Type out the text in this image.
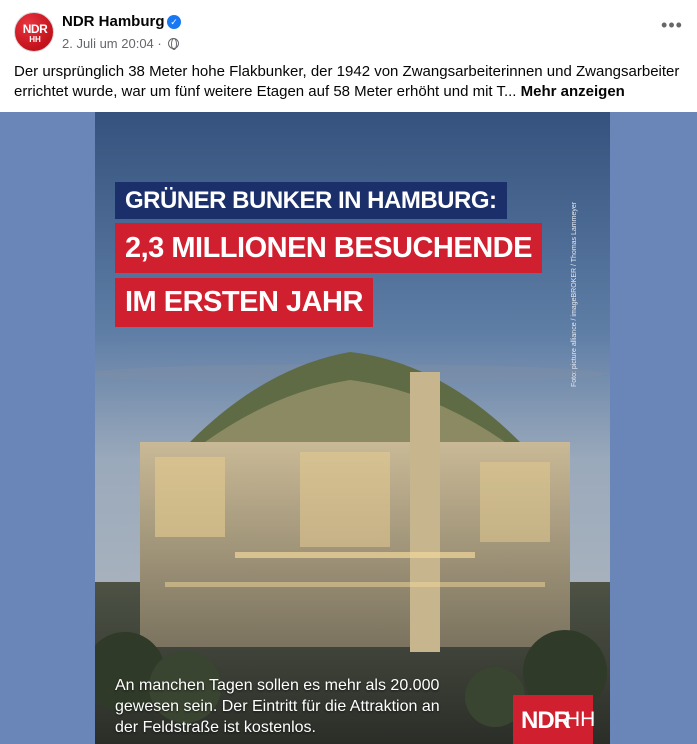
NDR
HH
NDR Hamburg ✓
2. Juli um 20:04 ·
•••
Der ursprünglich 38 Meter hohe Flakbunker, der 1942 von Zwangsarbeiterinnen und Zwangsarbeiter errichtet wurde, war um fünf weitere Etagen auf 58 Meter erhöht und mit T... Mehr anzeigen
GRÜNER BUNKER IN HAMBURG:
2,3 MILLIONEN BESUCHENDE
IM ERSTEN JAHR	Foto: picture alliance / imageBROKER / Thomas Lammeyer
An manchen Tagen sollen es mehr als 20.000 gewesen sein. Der Eintritt für die Attraktion an der Feldstraße ist kostenlos.	NDR
HH
